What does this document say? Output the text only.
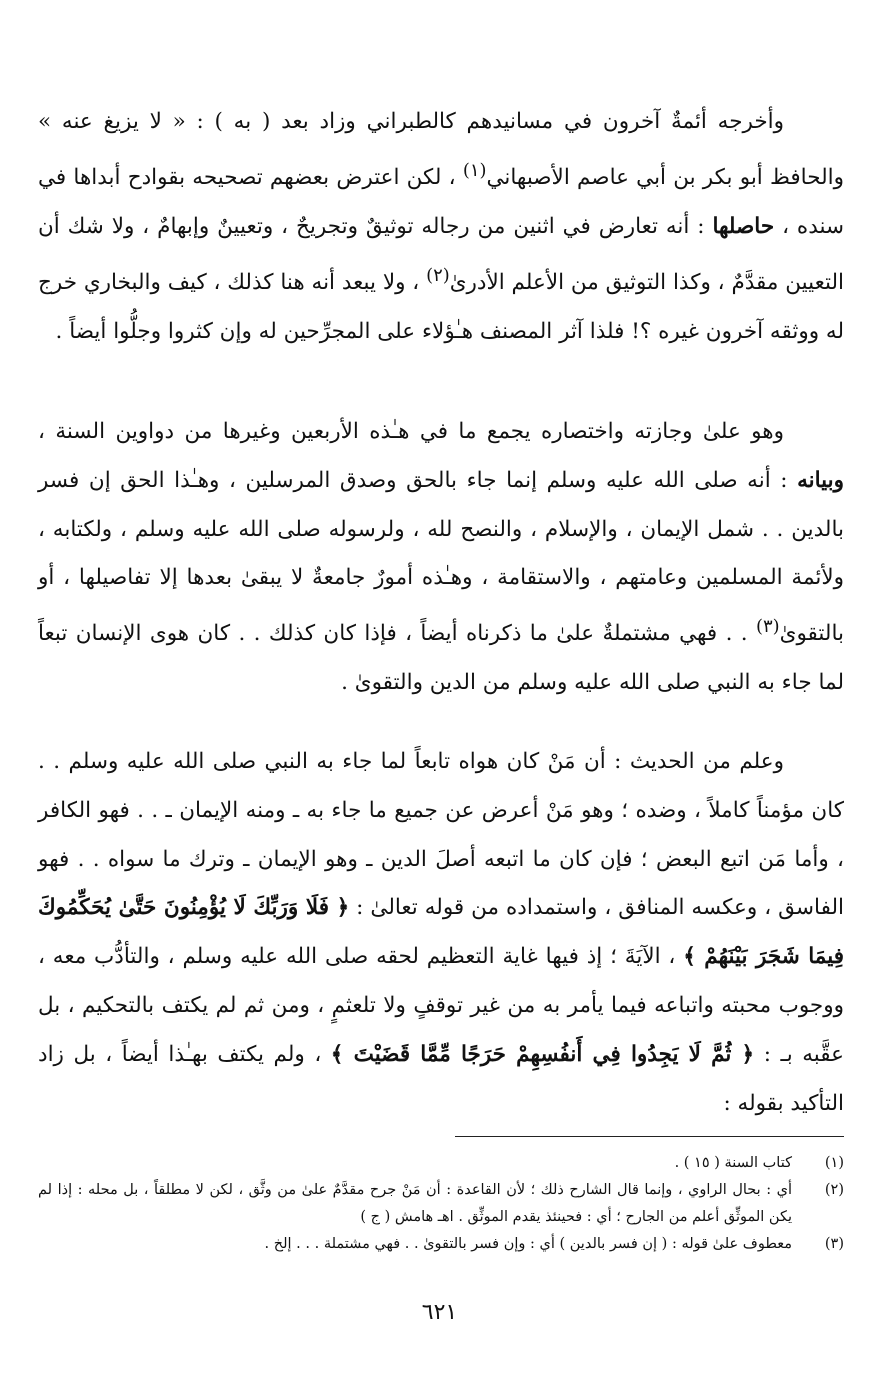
وأخرجه أئمةٌ آخرون في مسانيدهم كالطبراني وزاد بعد ( به ) : « لا يزيغ عنه » والحافظ أبو بكر بن أبي عاصم الأصبهاني$^{(١)}$ ، لكن اعترض بعضهم تصحيحه بقوادح أبداها في سنده ، حاصلها : أنه تعارض في اثنين من رجاله توثيقٌ وتجريحٌ ، وتعيينٌ وإبهامٌ ، ولا شك أن التعيين مقدَّمٌ ، وكذا التوثيق من الأعلم الأدرىٰ$^{(٢)}$ ، ولا يبعد أنه هنا كذلك ، كيف والبخاري خرج له ووثقه آخرون غيره ؟! فلذا آثر المصنف هـٰؤلاء على المجرِّحين له وإن كثروا وجلُّوا أيضاً .

وهو علىٰ وجازته واختصاره يجمع ما في هـٰذه الأربعين وغيرها من دواوين السنة ، وبيانه : أنه صلى الله عليه وسلم إنما جاء بالحق وصدق المرسلين ، وهـٰذا الحق إن فسر بالدين . . شمل الإيمان ، والإسلام ، والنصح لله ، ولرسوله صلى الله عليه وسلم ، ولكتابه ، ولأئمة المسلمين وعامتهم ، والاستقامة ، وهـٰذه أمورٌ جامعةٌ لا يبقىٰ بعدها إلا تفاصيلها ، أو بالتقوىٰ$^{(٣)}$ . . فهي مشتملةٌ علىٰ ما ذكرناه أيضاً ، فإذا كان كذلك . . كان هوى الإنسان تبعاً لما جاء به النبي صلى الله عليه وسلم من الدين والتقوىٰ .

وعلم من الحديث : أن مَنْ كان هواه تابعاً لما جاء به النبي صلى الله عليه وسلم . . كان مؤمناً كاملاً ، وضده ؛ وهو مَنْ أعرض عن جميع ما جاء به ـ ومنه الإيمان ـ . . فهو الكافر ، وأما مَن اتبع البعض ؛ فإن كان ما اتبعه أصلَ الدين ـ وهو الإيمان ـ وترك ما سواه . . فهو الفاسق ، وعكسه المنافق ، واستمداده من قوله تعالىٰ : ﴿ فَلَا وَرَبِّكَ لَا يُؤْمِنُونَ حَتَّىٰ يُحَكِّمُوكَ فِيمَا شَجَرَ بَيْنَهُمْ ﴾ ، الآيَةَ ؛ إذ فيها غاية التعظيم لحقه صلى الله عليه وسلم ، والتأدُّب معه ، ووجوب محبته واتباعه فيما يأمر به من غير توقفٍ ولا تلعثمٍ ، ومن ثم لم يكتف بالتحكيم ، بل عقَّبه بـ : ﴿ ثُمَّ لَا يَجِدُوا فِي أَنفُسِهِمْ حَرَجًا مِّمَّا قَضَيْتَ ﴾ ، ولم يكتف بهـٰذا أيضاً ، بل زاد التأكيد بقوله :

(١)
كتاب السنة ( ١٥ ) .
(٢)
أي : بحال الراوي ، وإنما قال الشارح ذلك ؛ لأن القاعدة : أن مَنْ جرح مقدَّمٌ علىٰ من وثَّق ، لكن لا مطلقاً ، بل محله : إذا لم يكن الموثِّق أعلم من الجارح ؛ أي : فحينئذ يقدم الموثِّق . اهـ هامش ( ج )
(٣)
معطوف علىٰ قوله : ( إن فسر بالدين ) أي : وإن فسر بالتقوىٰ . . فهي مشتملة . . . إلخ .
٦٢١
